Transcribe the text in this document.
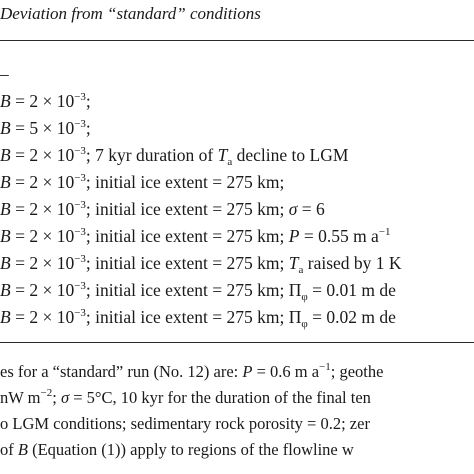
Deviation from “standard” conditions
–
$B = 2 \times 10^{-3}$;
$B = 5 \times 10^{-3}$;
$B = 2 \times 10^{-3}$; 7 kyr duration of $T_a$ decline to LGM
$B = 2 \times 10^{-3}$; initial ice extent = 275 km;
$B = 2 \times 10^{-3}$; initial ice extent = 275 km; σ = 6
$B = 2 \times 10^{-3}$; initial ice extent = 275 km; P = 0.55 m $a^{-1}$
$B = 2 \times 10^{-3}$; initial ice extent = 275 km; $T_a$ raised by 1 K
$B = 2 \times 10^{-3}$; initial ice extent = 275 km; $\Pi_\varphi = 0.01$ m de
$B = 2 \times 10^{-3}$; initial ice extent = 275 km; $\Pi_\varphi = 0.02$ m de
es for a “standard” run (No. 12) are: P = 0.6 m $a^{-1}$; geothe
nW $m^{-2}$; σ = 5°C, 10 kyr for the duration of the final ten
o LGM conditions; sedimentary rock porosity = 0.2; zer
of B (Equation (1)) apply to regions of the flowline w
